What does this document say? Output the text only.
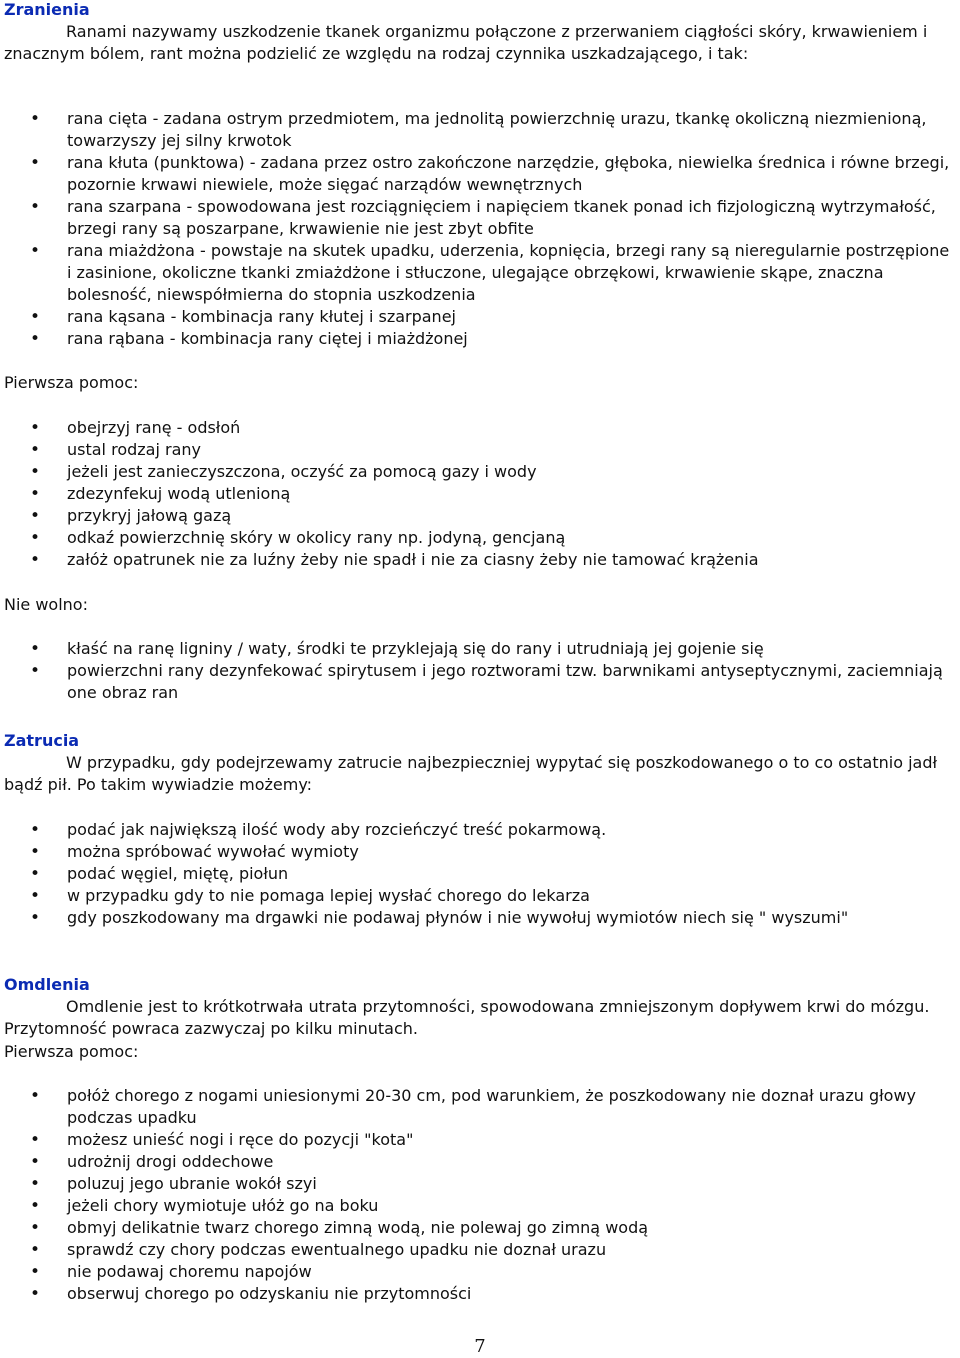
Zranienia

Ranami nazywamy uszkodzenie tkanek organizmu połączone z przerwaniem ciągłości skóry, krwawieniem i znacznym bólem, rant można podzielić ze względu na rodzaj czynnika uszkadzającego, i tak:

• rana cięta - zadana ostrym przedmiotem, ma jednolitą powierzchnię urazu, tkankę okoliczną niezmienioną, towarzyszy jej silny krwotok
• rana kłuta (punktowa) - zadana przez ostro zakończone narzędzie, głęboka, niewielka średnica i równe brzegi, pozornie krwawi niewiele, może sięgać narządów wewnętrznych
• rana szarpana - spowodowana jest rozciągnięciem i napięciem tkanek ponad ich fizjologiczną wytrzymałość, brzegi rany są poszarpane, krwawienie nie jest zbyt obfite
• rana miażdżona - powstaje na skutek upadku, uderzenia, kopnięcia, brzegi rany są nieregularnie postrzępione i zasinione, okoliczne tkanki zmiażdżone i stłuczone, ulegające obrzękowi, krwawienie skąpe, znaczna bolesność, niewspółmierna do stopnia uszkodzenia
• rana kąsana - kombinacja rany kłutej i szarpanej
• rana rąbana - kombinacja rany ciętej i miażdżonej

Pierwsza pomoc:

• obejrzyj ranę - odsłoń
• ustal rodzaj rany
• jeżeli jest zanieczyszczona, oczyść za pomocą gazy i wody
• zdezynfekuj wodą utlenioną
• przykryj jałową gazą
• odkaź powierzchnię skóry w okolicy rany np. jodyną, gencjaną
• załóż opatrunek nie za luźny żeby nie spadł i nie za ciasny żeby nie tamować krążenia

Nie wolno:

• kłaść na ranę ligniny / waty, środki te przyklejają się do rany i utrudniają jej gojenie się
• powierzchni rany dezynfekować spirytusem i jego roztworami tzw. barwnikami antyseptycznymi, zaciemniają one obraz ran
Zatrucia

W przypadku, gdy podejrzewamy zatrucie najbezpieczniej wypytać się poszkodowanego o to co ostatnio jadł bądź pił. Po takim wywiadzie możemy:

• podać jak największą ilość wody aby rozcieńczyć treść pokarmową.
• można spróbować wywołać wymioty
• podać węgiel, miętę, piołun
• w przypadku gdy to nie pomaga lepiej wysłać chorego do lekarza
• gdy poszkodowany ma drgawki nie podawaj płynów i nie wywołuj wymiotów niech się " wyszumi"
Omdlenia

Omdlenie jest to krótkotrwała utrata przytomności, spowodowana zmniejszonym dopływem krwi do mózgu. Przytomność powraca zazwyczaj po kilku minutach.

Pierwsza pomoc:

• połóż chorego z nogami uniesionymi 20-30 cm, pod warunkiem, że poszkodowany nie doznał urazu głowy podczas upadku
• możesz unieść nogi i ręce do pozycji "kota"
• udrożnij drogi oddechowe
• poluzuj jego ubranie wokół szyi
• jeżeli chory wymiotuje ułóż go na boku
• obmyj delikatnie twarz chorego zimną wodą, nie polewaj go zimną wodą
• sprawdź czy chory podczas ewentualnego upadku nie doznał urazu
• nie podawaj choremu napojów
• obserwuj chorego po odzyskaniu nie przytomności
7
